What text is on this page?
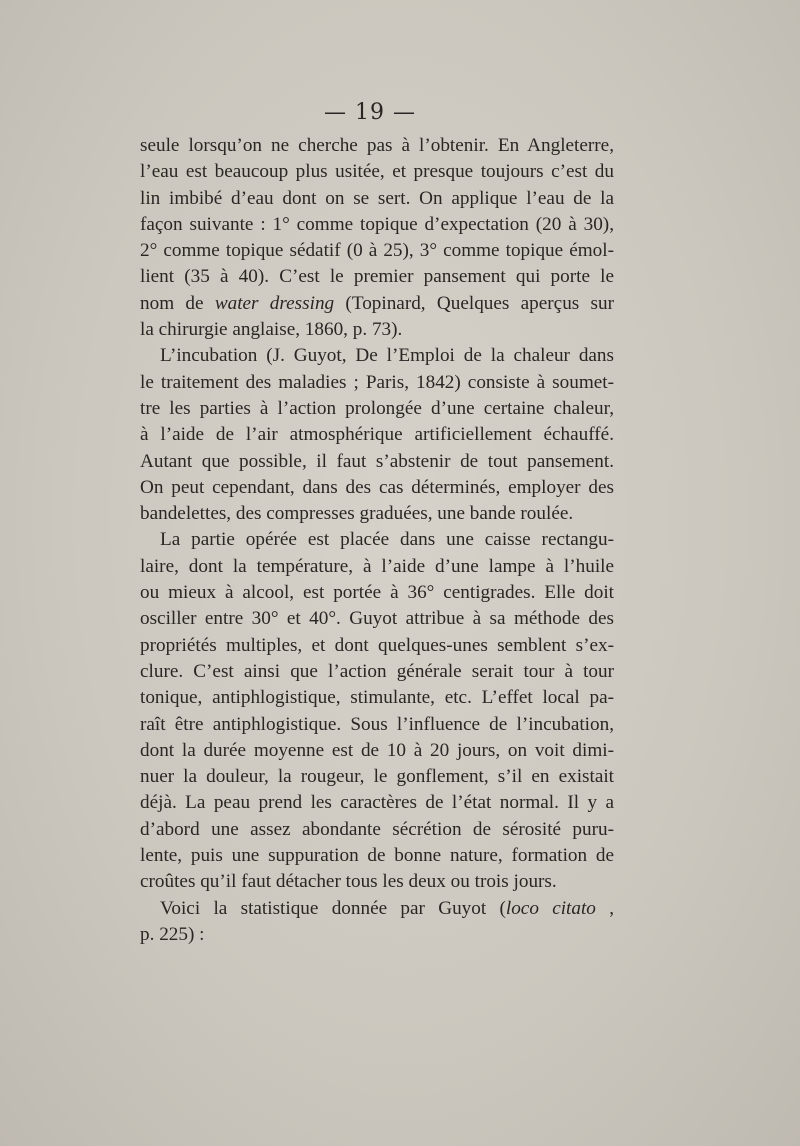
— 19 —
seule lorsqu’on ne cherche pas à l’obtenir. En Angleterre,
l’eau est beaucoup plus usitée, et presque toujours c’est du
lin imbibé d’eau dont on se sert. On applique l’eau de la
façon suivante : 1° comme topique d’expectation (20 à 30),
2° comme topique sédatif (0 à 25), 3° comme topique émol-
lient (35 à 40). C’est le premier pansement qui porte le
nom de water dressing (Topinard, Quelques aperçus sur
la chirurgie anglaise, 1860, p. 73).
L’incubation (J. Guyot, De l’Emploi de la chaleur dans
le traitement des maladies ; Paris, 1842) consiste à soumet-
tre les parties à l’action prolongée d’une certaine chaleur,
à l’aide de l’air atmosphérique artificiellement échauffé.
Autant que possible, il faut s’abstenir de tout pansement.
On peut cependant, dans des cas déterminés, employer des
bandelettes, des compresses graduées, une bande roulée.
La partie opérée est placée dans une caisse rectangu-
laire, dont la température, à l’aide d’une lampe à l’huile
ou mieux à alcool, est portée à 36° centigrades. Elle doit
osciller entre 30° et 40°. Guyot attribue à sa méthode des
propriétés multiples, et dont quelques-unes semblent s’ex-
clure. C’est ainsi que l’action générale serait tour à tour
tonique, antiphlogistique, stimulante, etc. L’effet local pa-
raît être antiphlogistique. Sous l’influence de l’incubation,
dont la durée moyenne est de 10 à 20 jours, on voit dimi-
nuer la douleur, la rougeur, le gonflement, s’il en existait
déjà. La peau prend les caractères de l’état normal. Il y a
d’abord une assez abondante sécrétion de sérosité puru-
lente, puis une suppuration de bonne nature, formation de
croûtes qu’il faut détacher tous les deux ou trois jours.
Voici la statistique donnée par Guyot (loco citato ,
p. 225) :
